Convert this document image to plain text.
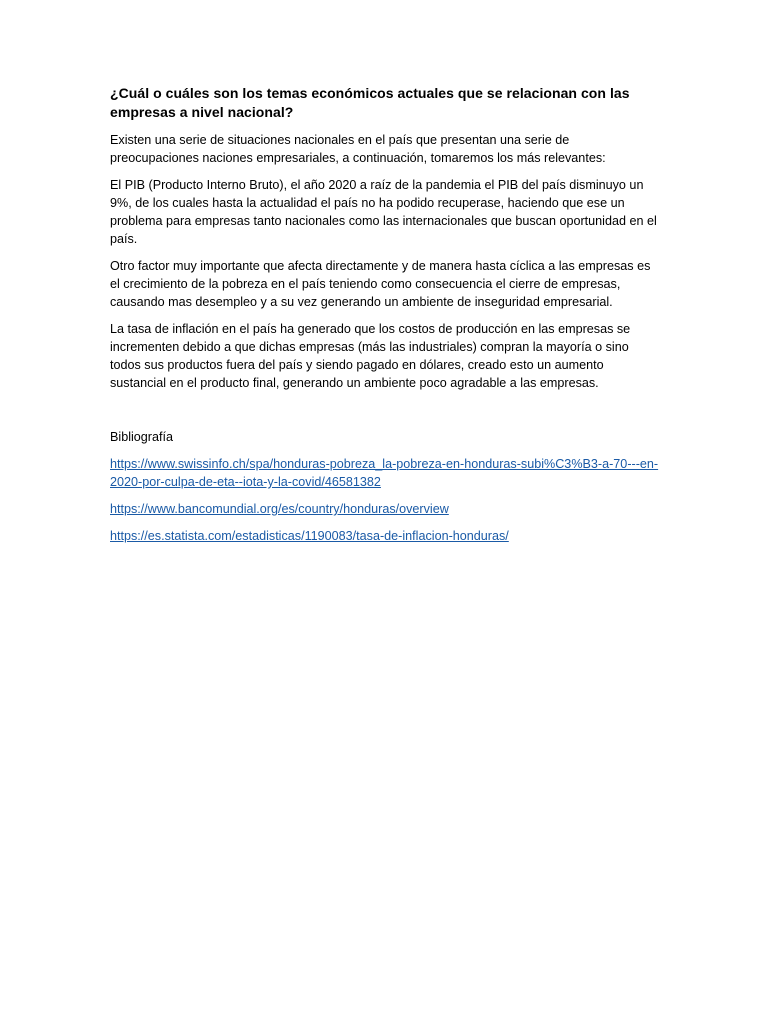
¿Cuál o cuáles son los temas económicos actuales que se relacionan con las empresas a nivel nacional?

Existen una serie de situaciones nacionales en el país que presentan una serie de preocupaciones naciones empresariales, a continuación, tomaremos los más relevantes:

El PIB (Producto Interno Bruto), el año 2020 a raíz de la pandemia el PIB del país disminuyo un 9%, de los cuales hasta la actualidad el país no ha podido recuperase, haciendo que ese un problema para empresas tanto nacionales como las internacionales que buscan oportunidad en el país.

Otro factor muy importante que afecta directamente y de manera hasta cíclica a las empresas es el crecimiento de la pobreza en el país teniendo como consecuencia el cierre de empresas, causando mas desempleo y a su vez generando un ambiente de inseguridad empresarial.

La tasa de inflación en el país ha generado que los costos de producción en las empresas se incrementen debido a que dichas empresas (más las industriales) compran la mayoría o sino todos sus productos fuera del país y siendo pagado en dólares, creado esto un aumento sustancial en el producto final, generando un ambiente poco agradable a las empresas.

Bibliografía
https://www.swissinfo.ch/spa/honduras-pobreza_la-pobreza-en-honduras-subi%C3%B3-a-70---en-2020-por-culpa-de-eta--iota-y-la-covid/46581382
https://www.bancomundial.org/es/country/honduras/overview
https://es.statista.com/estadisticas/1190083/tasa-de-inflacion-honduras/
